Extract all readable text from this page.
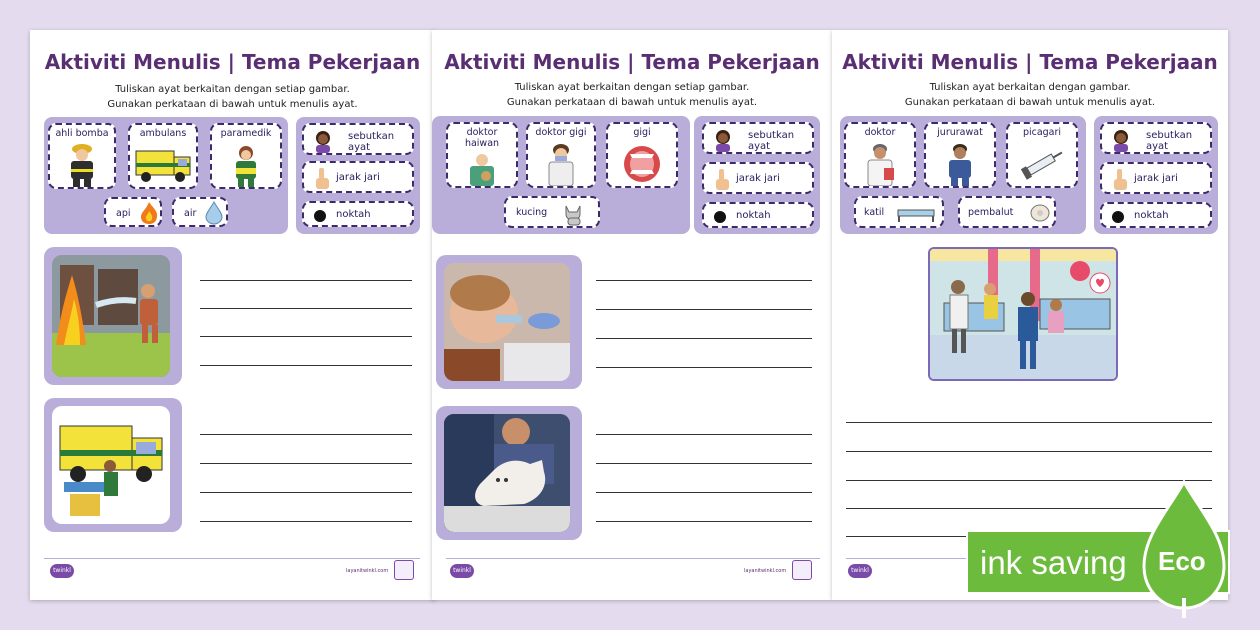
Aktiviti Menulis | Tema Pekerjaan
Tuliskan ayat berkaitan dengan setiap gambar.
Gunakan perkataan di bawah untuk menulis ayat.
ahli bomba	ambulans	paramedik
api	air
sebutkan ayat
jarak jari
noktah
twinkl	layanitwinkl.com
Aktiviti Menulis | Tema Pekerjaan
Tuliskan ayat berkaitan dengan setiap gambar.
Gunakan perkataan di bawah untuk menulis ayat.
doktor haiwan
doktor gigi	gigi
kucing
sebutkan ayat
jarak jari
noktah
twinkl	layanitwinkl.com
Aktiviti Menulis | Tema Pekerjaan
Tuliskan ayat berkaitan dengan gambar.
Gunakan perkataan di bawah untuk menulis ayat.
doktor	jururawat	picagari
katil	pembalut
sebutkan ayat
jarak jari
noktah
twinkl	ink saving Eco
